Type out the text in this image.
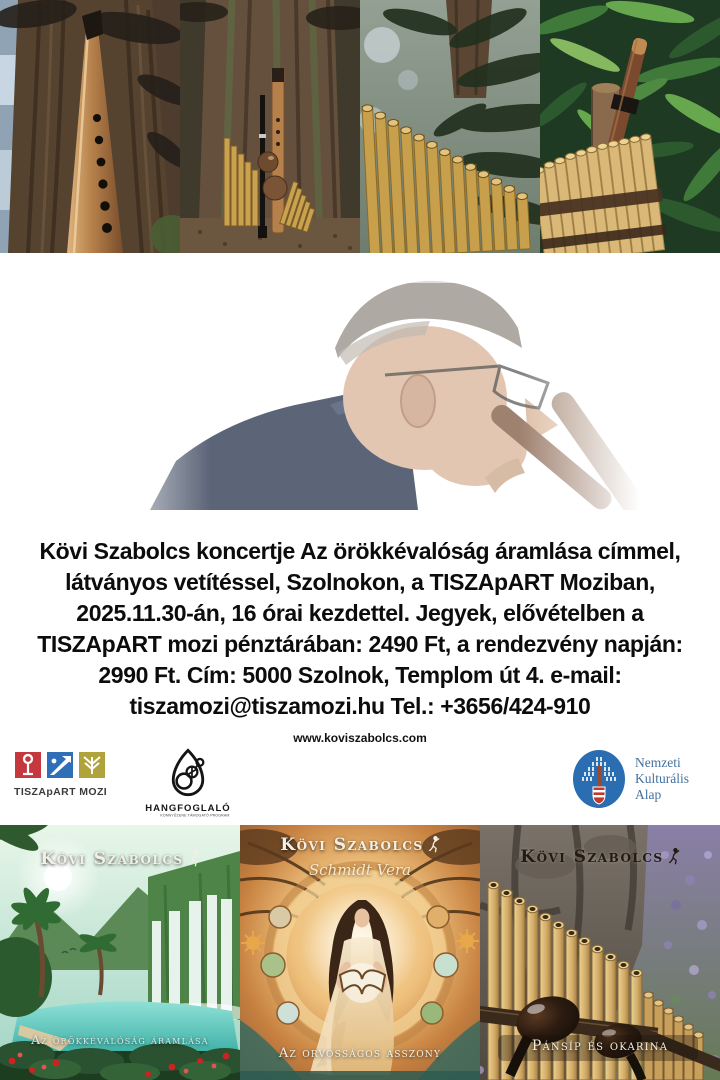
Kövi Szabolcs koncertje Az örökkévalóság áramlása címmel,
látványos vetítéssel, Szolnokon, a TISZApART Moziban,
2025.11.30-án, 16 órai kezdettel. Jegyek, elővételben a
TISZApART mozi pénztárában: 2490 Ft, a rendezvény napján:
2990 Ft. Cím: 5000 Szolnok, Templom út 4. e-mail:
tiszamozi@tiszamozi.hu Tel.: +3656/424-910
www.koviszabolcs.com
TISZApART MOZI
HANGFOGLALÓ
KÖNNYŰZENE TÁMOGATÓ PROGRAM
Nemzeti
Kulturális
Alap
Kövi Szabolcs
Az örökkévalóság áramlása
Kövi Szabolcs
Schmidt Vera
Az orvosságos asszony
Kövi Szabolcs
Pánsíp és okarina
